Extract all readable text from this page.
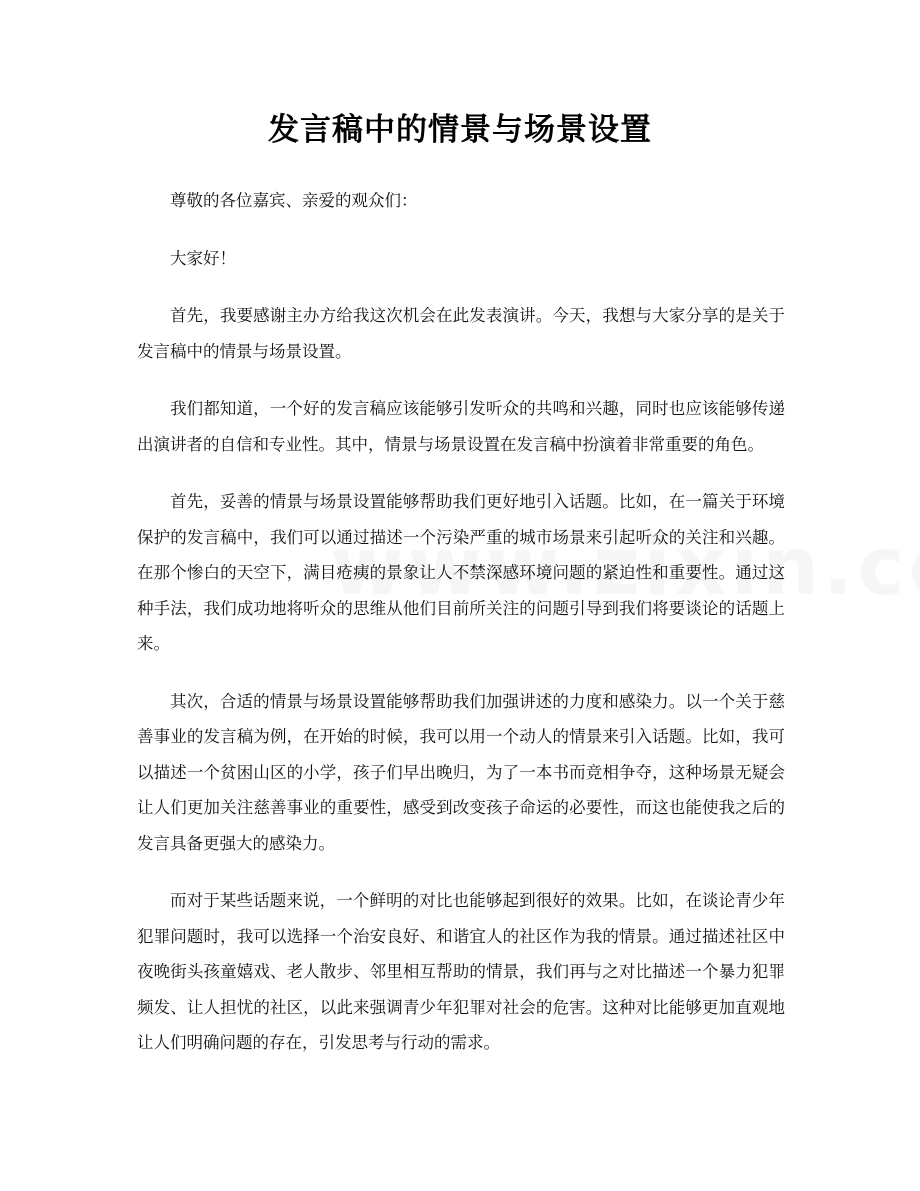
发言稿中的情景与场景设置

尊敬的各位嘉宾、亲爱的观众们：

大家好！

首先，我要感谢主办方给我这次机会在此发表演讲。今天，我想与大家分享的是关于发言稿中的情景与场景设置。

我们都知道，一个好的发言稿应该能够引发听众的共鸣和兴趣，同时也应该能够传递出演讲者的自信和专业性。其中，情景与场景设置在发言稿中扮演着非常重要的角色。

首先，妥善的情景与场景设置能够帮助我们更好地引入话题。比如，在一篇关于环境保护的发言稿中，我们可以通过描述一个污染严重的城市场景来引起听众的关注和兴趣。在那个惨白的天空下，满目疮痍的景象让人不禁深感环境问题的紧迫性和重要性。通过这种手法，我们成功地将听众的思维从他们目前所关注的问题引导到我们将要谈论的话题上来。

其次，合适的情景与场景设置能够帮助我们加强讲述的力度和感染力。以一个关于慈善事业的发言稿为例，在开始的时候，我可以用一个动人的情景来引入话题。比如，我可以描述一个贫困山区的小学，孩子们早出晚归，为了一本书而竞相争夺，这种场景无疑会让人们更加关注慈善事业的重要性，感受到改变孩子命运的必要性，而这也能使我之后的发言具备更强大的感染力。

而对于某些话题来说，一个鲜明的对比也能够起到很好的效果。比如，在谈论青少年犯罪问题时，我可以选择一个治安良好、和谐宜人的社区作为我的情景。通过描述社区中夜晚街头孩童嬉戏、老人散步、邻里相互帮助的情景，我们再与之对比描述一个暴力犯罪频发、让人担忧的社区，以此来强调青少年犯罪对社会的危害。这种对比能够更加直观地让人们明确问题的存在，引发思考与行动的需求。
